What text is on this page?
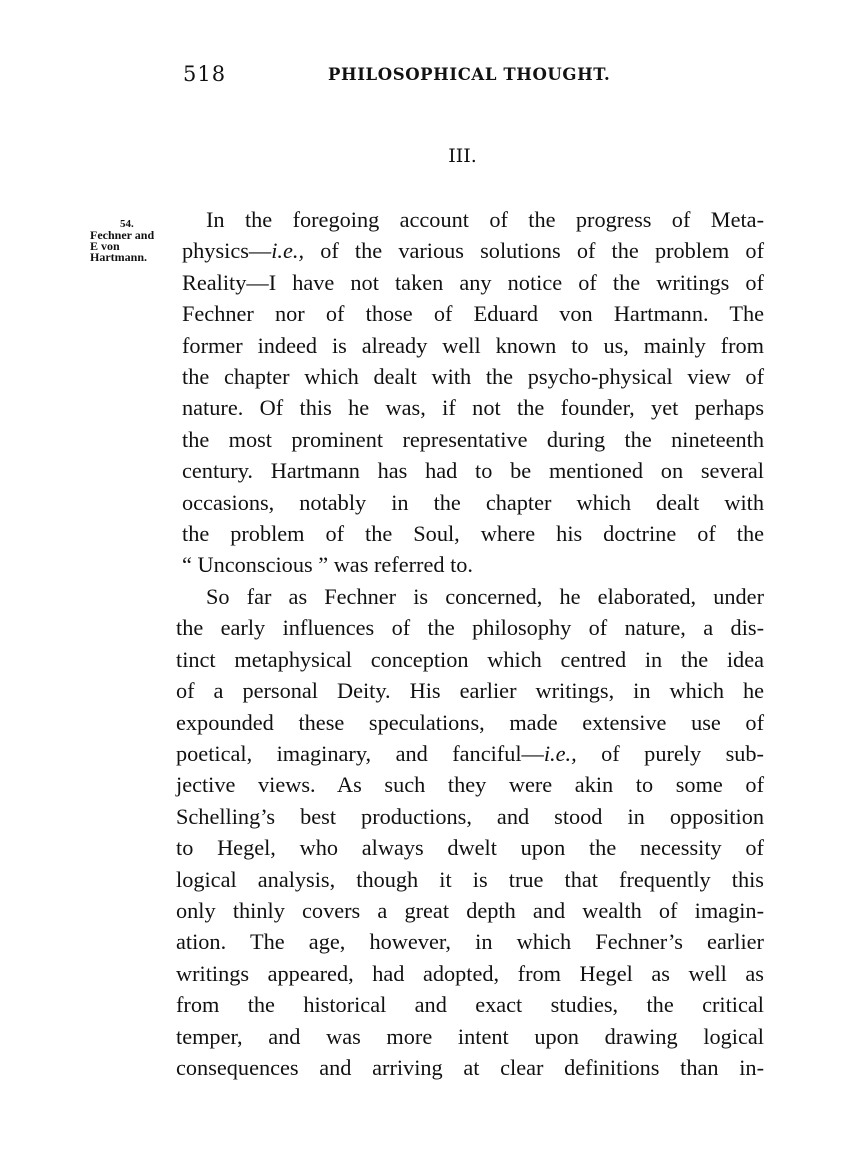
518	PHILOSOPHICAL THOUGHT.
III.
54.
Fechner and
E von
Hartmann.
In the foregoing account of the progress of Meta-
physics—i.e., of the various solutions of the problem of
Reality—I have not taken any notice of the writings of
Fechner nor of those of Eduard von Hartmann. The
former indeed is already well known to us, mainly from
the chapter which dealt with the psycho-physical view of
nature. Of this he was, if not the founder, yet perhaps
the most prominent representative during the nineteenth
century. Hartmann has had to be mentioned on several
occasions, notably in the chapter which dealt with
the problem of the Soul, where his doctrine of the
“ Unconscious ” was referred to.
So far as Fechner is concerned, he elaborated, under
the early influences of the philosophy of nature, a dis-
tinct metaphysical conception which centred in the idea
of a personal Deity. His earlier writings, in which he
expounded these speculations, made extensive use of
poetical, imaginary, and fanciful—i.e., of purely sub-
jective views. As such they were akin to some of
Schelling’s best productions, and stood in opposition
to Hegel, who always dwelt upon the necessity of
logical analysis, though it is true that frequently this
only thinly covers a great depth and wealth of imagin-
ation. The age, however, in which Fechner’s earlier
writings appeared, had adopted, from Hegel as well as
from the historical and exact studies, the critical
temper, and was more intent upon drawing logical
consequences and arriving at clear definitions than in-
